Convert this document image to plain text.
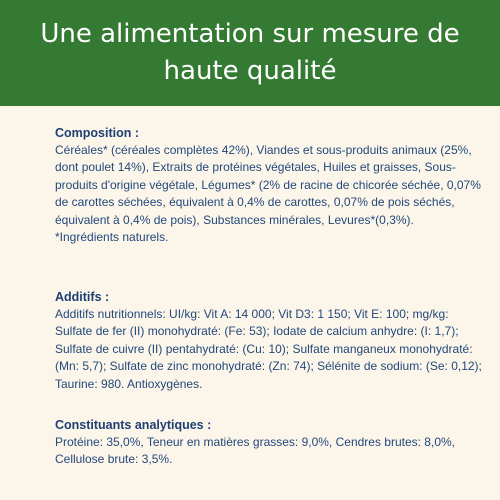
Une alimentation sur mesure de haute qualité
Composition :
Céréales* (céréales complètes 42%), Viandes et sous-produits animaux (25%, dont poulet 14%), Extraits de protéines végétales, Huiles et graisses, Sous-produits d'origine végétale, Légumes* (2% de racine de chicorée séchée, 0,07% de carottes séchées, équivalent à 0,4% de carottes, 0,07% de pois séchés, équivalent à 0,4% de pois), Substances minérales, Levures*(0,3%).
*Ingrédients naturels.
Additifs :
Additifs nutritionnels: UI/kg: Vit A: 14 000; Vit D3: 1 150; Vit E: 100; mg/kg: Sulfate de fer (II) monohydraté: (Fe: 53); Iodate de calcium anhydre: (I: 1,7); Sulfate de cuivre (II) pentahydraté: (Cu: 10); Sulfate manganeux monohydraté: (Mn: 5,7); Sulfate de zinc monohydraté: (Zn: 74); Sélénite de sodium: (Se: 0,12); Taurine: 980. Antioxygènes.
Constituants analytiques :
Protéine: 35,0%, Teneur en matières grasses: 9,0%, Cendres brutes: 8,0%, Cellulose brute: 3,5%.
